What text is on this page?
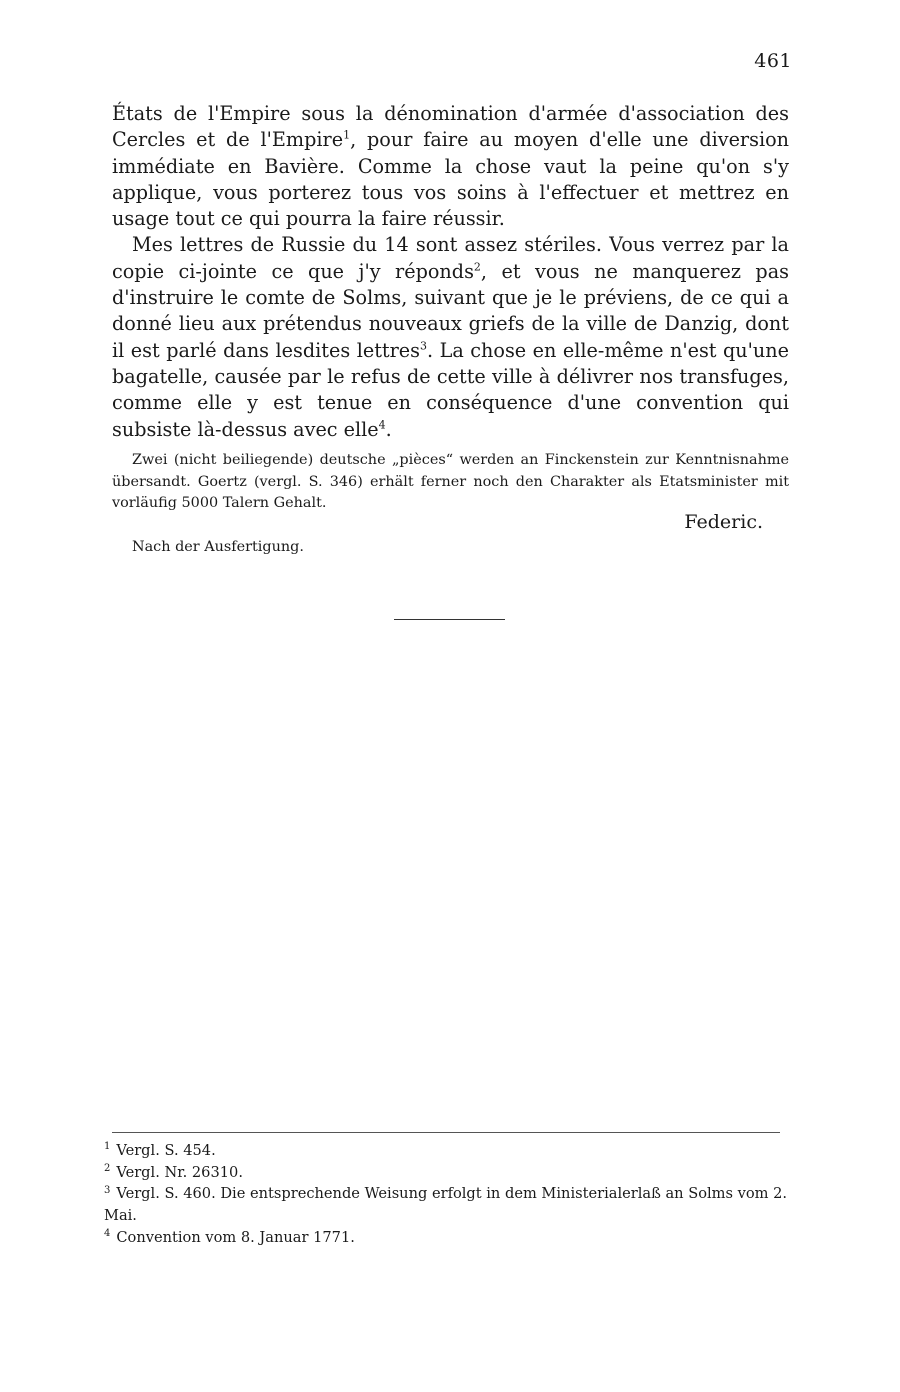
461

États de l'Empire sous la dénomination d'armée d'association des Cercles et de l'Empire$^1$, pour faire au moyen d'elle une diversion immédiate en Bavière. Comme la chose vaut la peine qu'on s'y applique, vous porterez tous vos soins à l'effectuer et mettrez en usage tout ce qui pourra la faire réussir.

Mes lettres de Russie du 14 sont assez stériles. Vous verrez par la copie ci-jointe ce que j'y réponds$^2$, et vous ne manquerez pas d'instruire le comte de Solms, suivant que je le préviens, de ce qui a donné lieu aux prétendus nouveaux griefs de la ville de Danzig, dont il est parlé dans lesdites lettres$^3$. La chose en elle-même n'est qu'une bagatelle, causée par le refus de cette ville à délivrer nos transfuges, comme elle y est tenue en conséquence d'une convention qui subsiste là-dessus avec elle$^4$.

Zwei (nicht beiliegende) deutsche „pièces“ werden an Finckenstein zur Kenntnisnahme übersandt. Goertz (vergl. S. 346) erhält ferner noch den Charakter als Etatsminister mit vorläufig 5000 Talern Gehalt.
Federic.
Nach der Ausfertigung.

$^1$ Vergl. S. 454.

$^2$ Vergl. Nr. 26310.

$^3$ Vergl. S. 460. Die entsprechende Weisung erfolgt in dem Ministerialerlaß an Solms vom 2. Mai.

$^4$ Convention vom 8. Januar 1771.
